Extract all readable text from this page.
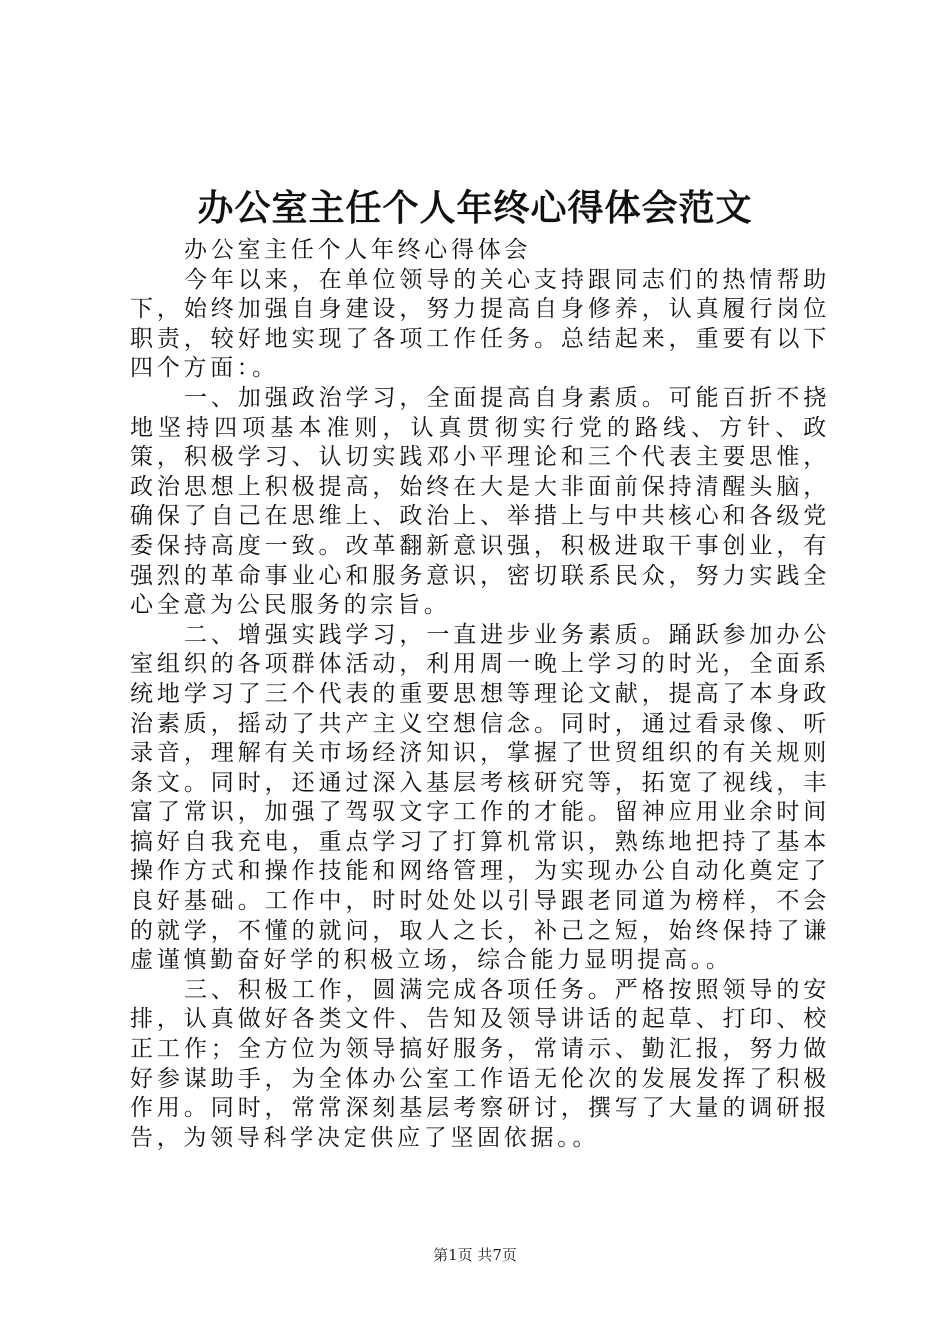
办公室主任个人年终心得体会范文

办公室主任个人年终心得体会

今年以来，在单位领导的关心支持跟同志们的热情帮助下，始终加强自身建设，努力提高自身修养，认真履行岗位职责，较好地实现了各项工作任务。总结起来，重要有以下四个方面：。

一、加强政治学习，全面提高自身素质。可能百折不挠地坚持四项基本准则，认真贯彻实行党的路线、方针、政策，积极学习、认切实践邓小平理论和三个代表主要思惟，政治思想上积极提高，始终在大是大非面前保持清醒头脑，确保了自己在思维上、政治上、举措上与中共核心和各级党委保持高度一致。改革翻新意识强，积极进取干事创业，有强烈的革命事业心和服务意识，密切联系民众，努力实践全心全意为公民服务的宗旨。

二、增强实践学习，一直进步业务素质。踊跃参加办公室组织的各项群体活动，利用周一晚上学习的时光，全面系统地学习了三个代表的重要思想等理论文献，提高了本身政治素质，摇动了共产主义空想信念。同时，通过看录像、听录音，理解有关市场经济知识，掌握了世贸组织的有关规则条文。同时，还通过深入基层考核研究等，拓宽了视线，丰富了常识，加强了驾驭文字工作的才能。留神应用业余时间搞好自我充电，重点学习了打算机常识，熟练地把持了基本操作方式和操作技能和网络管理，为实现办公自动化奠定了良好基础。工作中，时时处处以引导跟老同道为榜样，不会的就学，不懂的就问，取人之长，补己之短，始终保持了谦虚谨慎勤奋好学的积极立场，综合能力显明提高。。

三、积极工作，圆满完成各项任务。严格按照领导的安排，认真做好各类文件、告知及领导讲话的起草、打印、校正工作；全方位为领导搞好服务，常请示、勤汇报，努力做好参谋助手，为全体办公室工作语无伦次的发展发挥了积极作用。同时，常常深刻基层考察研讨，撰写了大量的调研报告，为领导科学决定供应了坚固依据。。

第1页 共7页
